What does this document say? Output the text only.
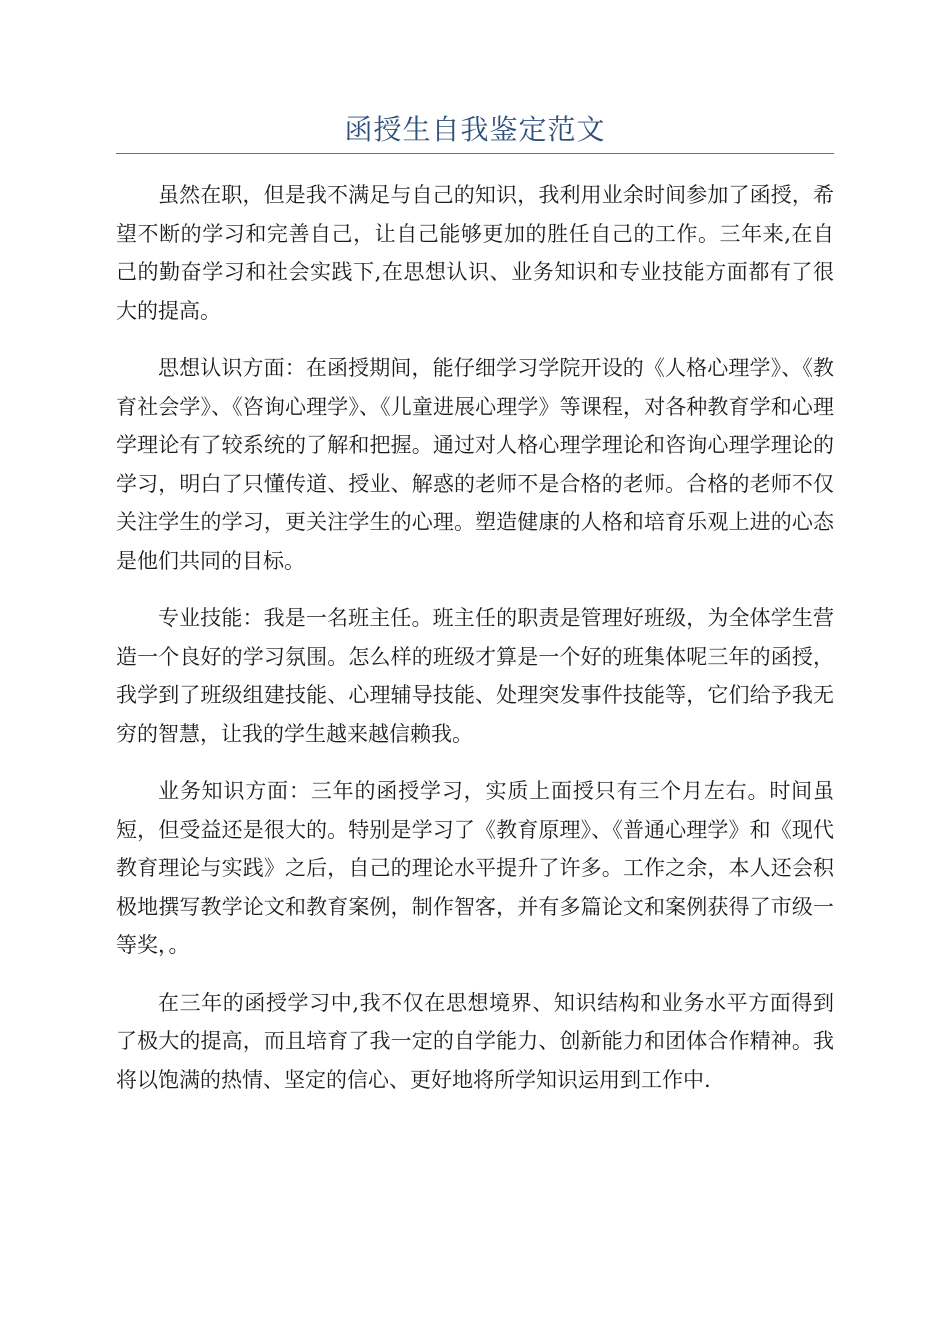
函授生自我鉴定范文

虽然在职，但是我不满足与自己的知识，我利用业余时间参加了函授，希望不断的学习和完善自己，让自己能够更加的胜任自己的工作。三年来,在自己的勤奋学习和社会实践下,在思想认识、业务知识和专业技能方面都有了很大的提高。

思想认识方面：在函授期间，能仔细学习学院开设的《人格心理学》、《教育社会学》、《咨询心理学》、《儿童进展心理学》等课程，对各种教育学和心理学理论有了较系统的了解和把握。通过对人格心理学理论和咨询心理学理论的学习，明白了只懂传道、授业、解惑的老师不是合格的老师。合格的老师不仅关注学生的学习，更关注学生的心理。塑造健康的人格和培育乐观上进的心态是他们共同的目标。

专业技能：我是一名班主任。班主任的职责是管理好班级，为全体学生营造一个良好的学习氛围。怎么样的班级才算是一个好的班集体呢三年的函授，我学到了班级组建技能、心理辅导技能、处理突发事件技能等，它们给予我无穷的智慧，让我的学生越来越信赖我。

业务知识方面：三年的函授学习，实质上面授只有三个月左右。时间虽短，但受益还是很大的。特别是学习了《教育原理》、《普通心理学》和《现代教育理论与实践》之后，自己的理论水平提升了许多。工作之余，本人还会积极地撰写教学论文和教育案例，制作智客，并有多篇论文和案例获得了市级一等奖，。

在三年的函授学习中,我不仅在思想境界、知识结构和业务水平方面得到了极大的提高，而且培育了我一定的自学能力、创新能力和团体合作精神。我将以饱满的热情、坚定的信心、更好地将所学知识运用到工作中.
